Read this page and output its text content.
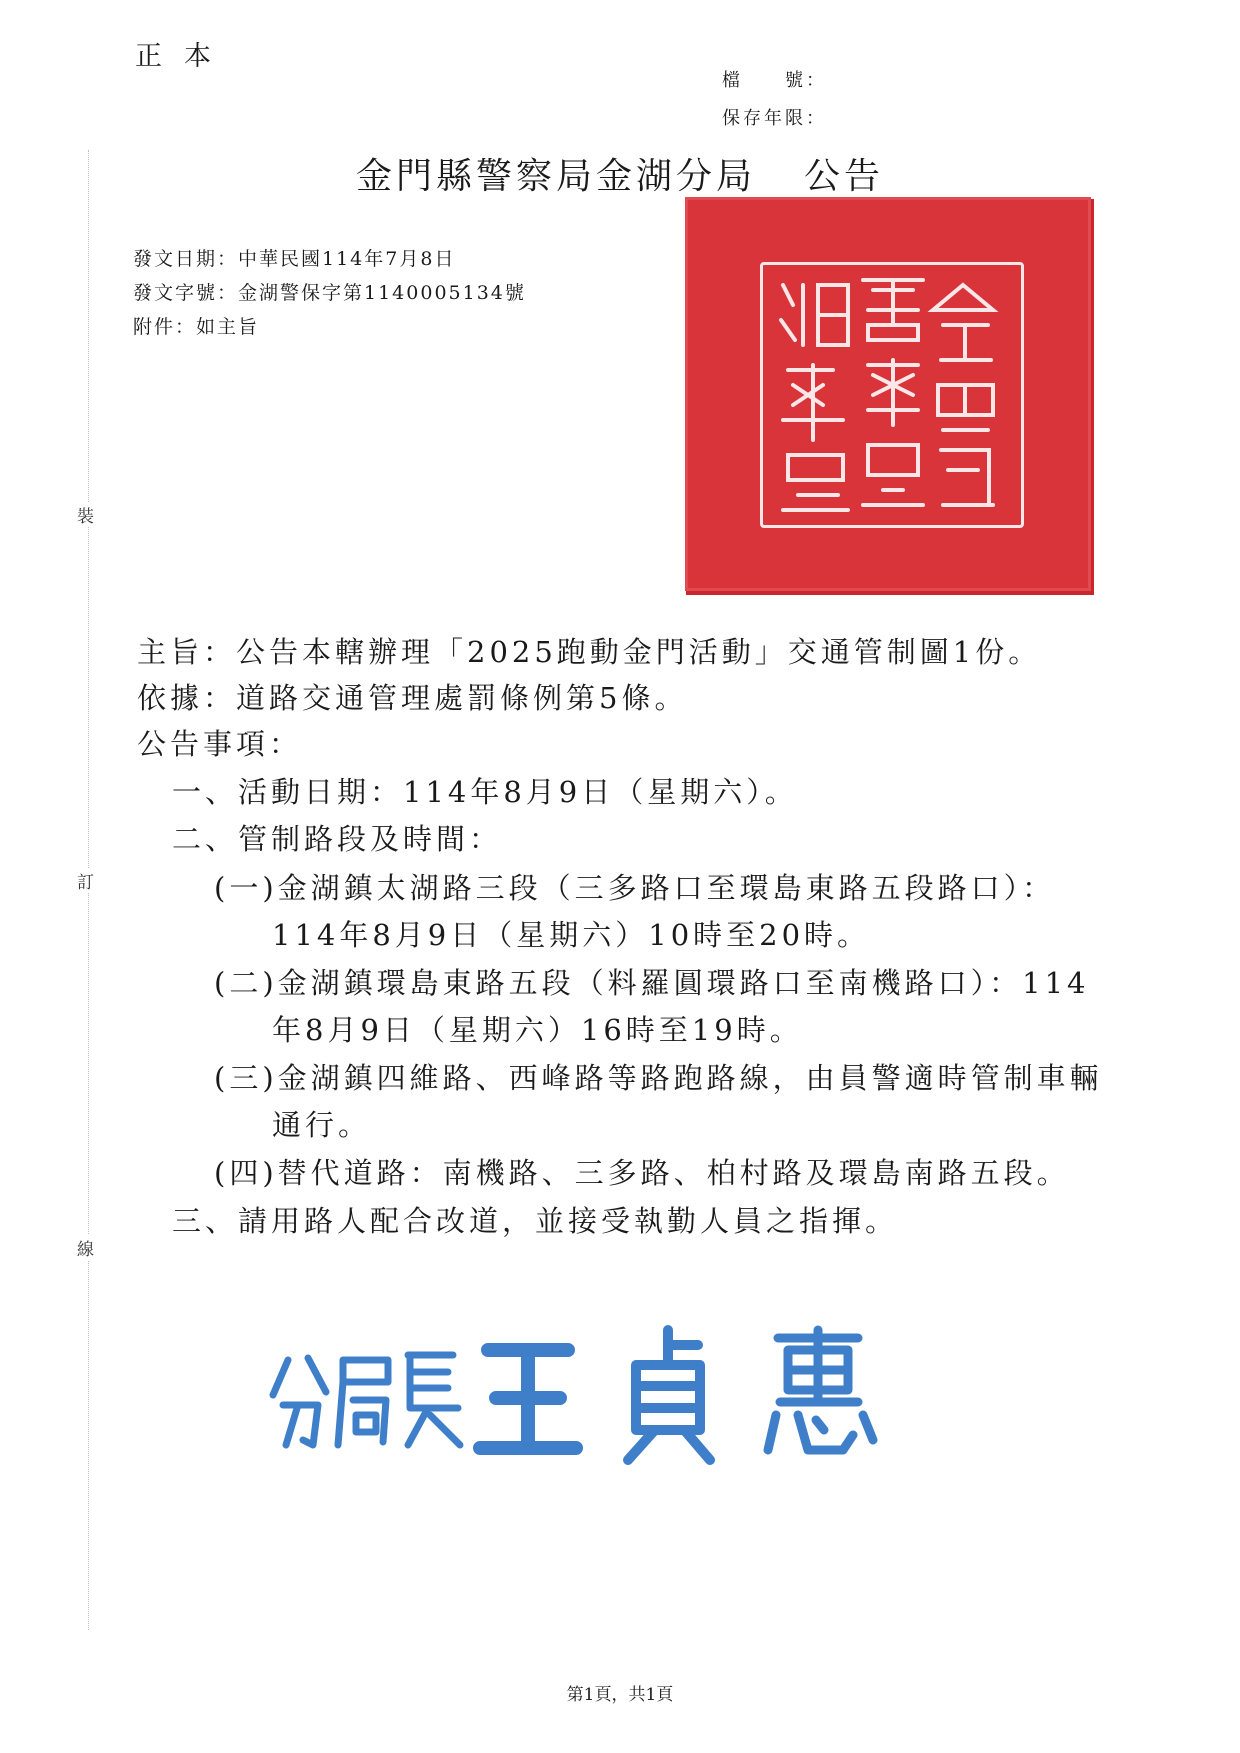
正本
檔　　號：
保存年限：
裝
訂
線
金門縣警察局金湖分局 公告
發文日期：中華民國114年7月8日
發文字號：金湖警保字第1140005134號
附件：如主旨
主旨：公告本轄辦理「2025跑動金門活動」交通管制圖1份。
依據：道路交通管理處罰條例第5條。
公告事項：
一、活動日期：114年8月9日（星期六）。
二、管制路段及時間：
(一)金湖鎮太湖路三段（三多路口至環島東路五段路口）：
114年8月9日（星期六）10時至20時。
(二)金湖鎮環島東路五段（料羅圓環路口至南機路口）：114
年8月9日（星期六）16時至19時。
(三)金湖鎮四維路、西峰路等路跑路線，由員警適時管制車輛
通行。
(四)替代道路：南機路、三多路、柏村路及環島南路五段。
三、請用路人配合改道，並接受執勤人員之指揮。
第1頁，共1頁
